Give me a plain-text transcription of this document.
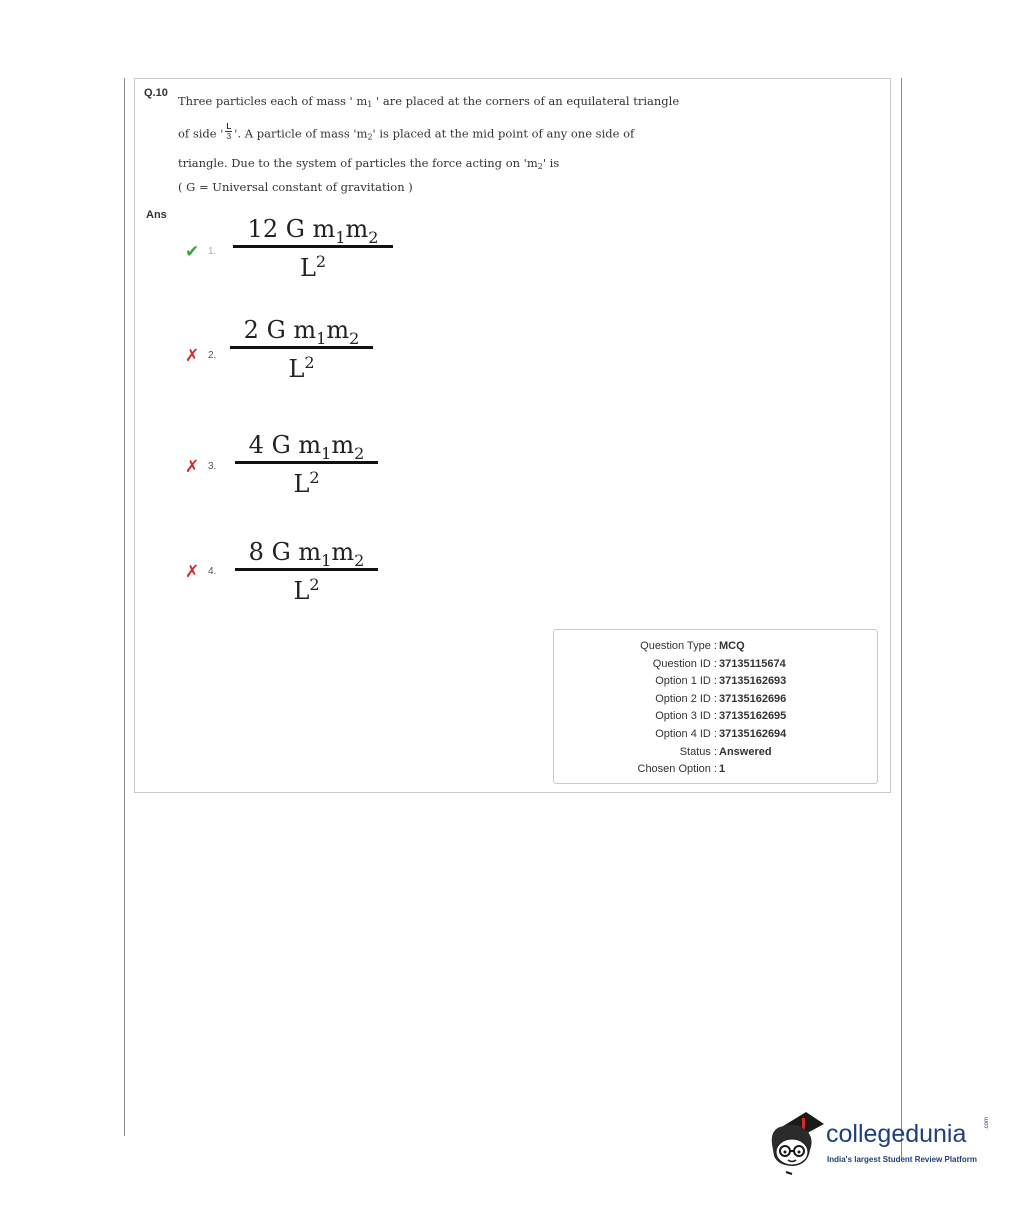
Q.10
Three particles each of mass ' $m_1$ ' are placed at the corners of an equilateral triangle
of side ' $\frac{L}{3}$ '. A particle of mass '$m_2$' is placed at the mid point of any one side of
triangle. Due to the system of particles the force acting on '$m_2$' is
( G = Universal constant of gravitation )
Ans
✔ 1.
12 G $m_1m_2$
$L^2$
✗ 2.
2 G $m_1m_2$
$L^2$
✗ 3.
4 G $m_1m_2$
$L^2$
✗ 4.
8 G $m_1m_2$
$L^2$
Question Type : MCQ
Question ID : 37135115674
Option 1 ID : 37135162693
Option 2 ID : 37135162696
Option 3 ID : 37135162695
Option 4 ID : 37135162694
Status : Answered
Chosen Option : 1
collegedunia	.com
India's largest Student Review Platform
